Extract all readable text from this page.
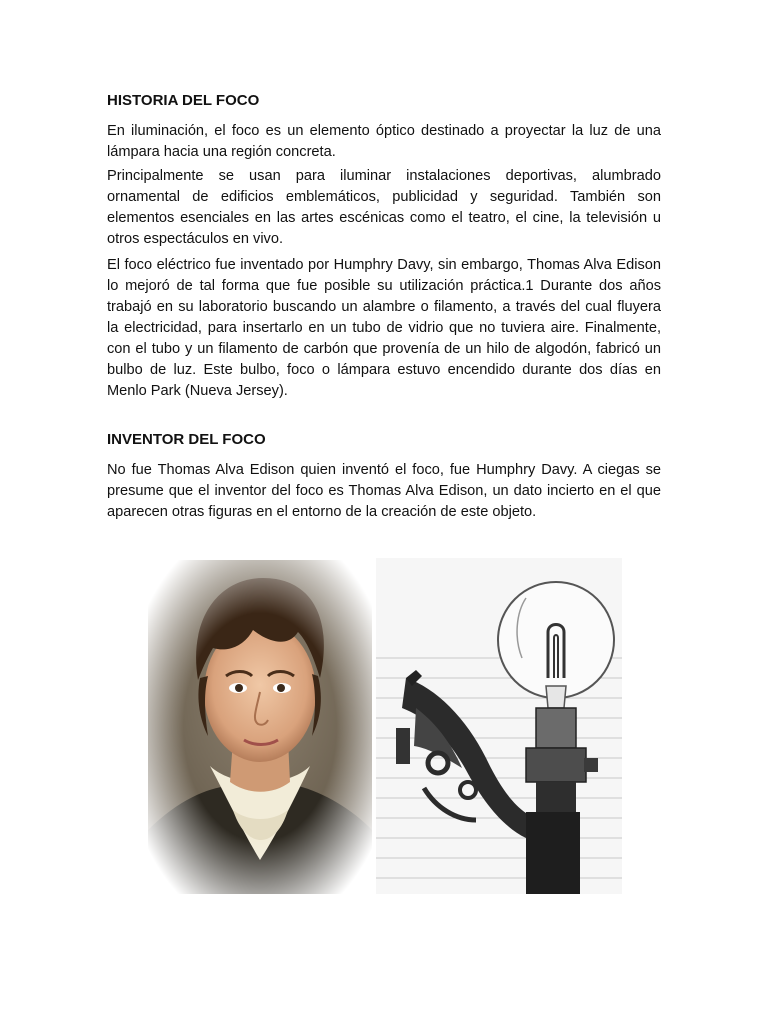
HISTORIA DEL FOCO

En iluminación, el foco es un elemento óptico destinado a proyectar la luz de una lámpara hacia una región concreta.

Principalmente se usan para iluminar instalaciones deportivas, alumbrado ornamental de edificios emblemáticos, publicidad y seguridad. También son elementos esenciales en las artes escénicas como el teatro, el cine, la televisión u otros espectáculos en vivo.

El foco eléctrico fue inventado por Humphry Davy, sin embargo, Thomas Alva Edison lo mejoró de tal forma que fue posible su utilización práctica.1 Durante dos años trabajó en su laboratorio buscando un alambre o filamento, a través del cual fluyera la electricidad, para insertarlo en un tubo de vidrio que no tuviera aire. Finalmente, con el tubo y un filamento de carbón que provenía de un hilo de algodón, fabricó un bulbo de luz. Este bulbo, foco o lámpara estuvo encendido durante dos días en Menlo Park (Nueva Jersey).

INVENTOR DEL FOCO

No fue Thomas Alva Edison quien inventó el foco, fue Humphry Davy. A ciegas se presume que el inventor del foco es Thomas Alva Edison, un dato incierto en el que aparecen otras figuras en el entorno de la creación de este objeto.
